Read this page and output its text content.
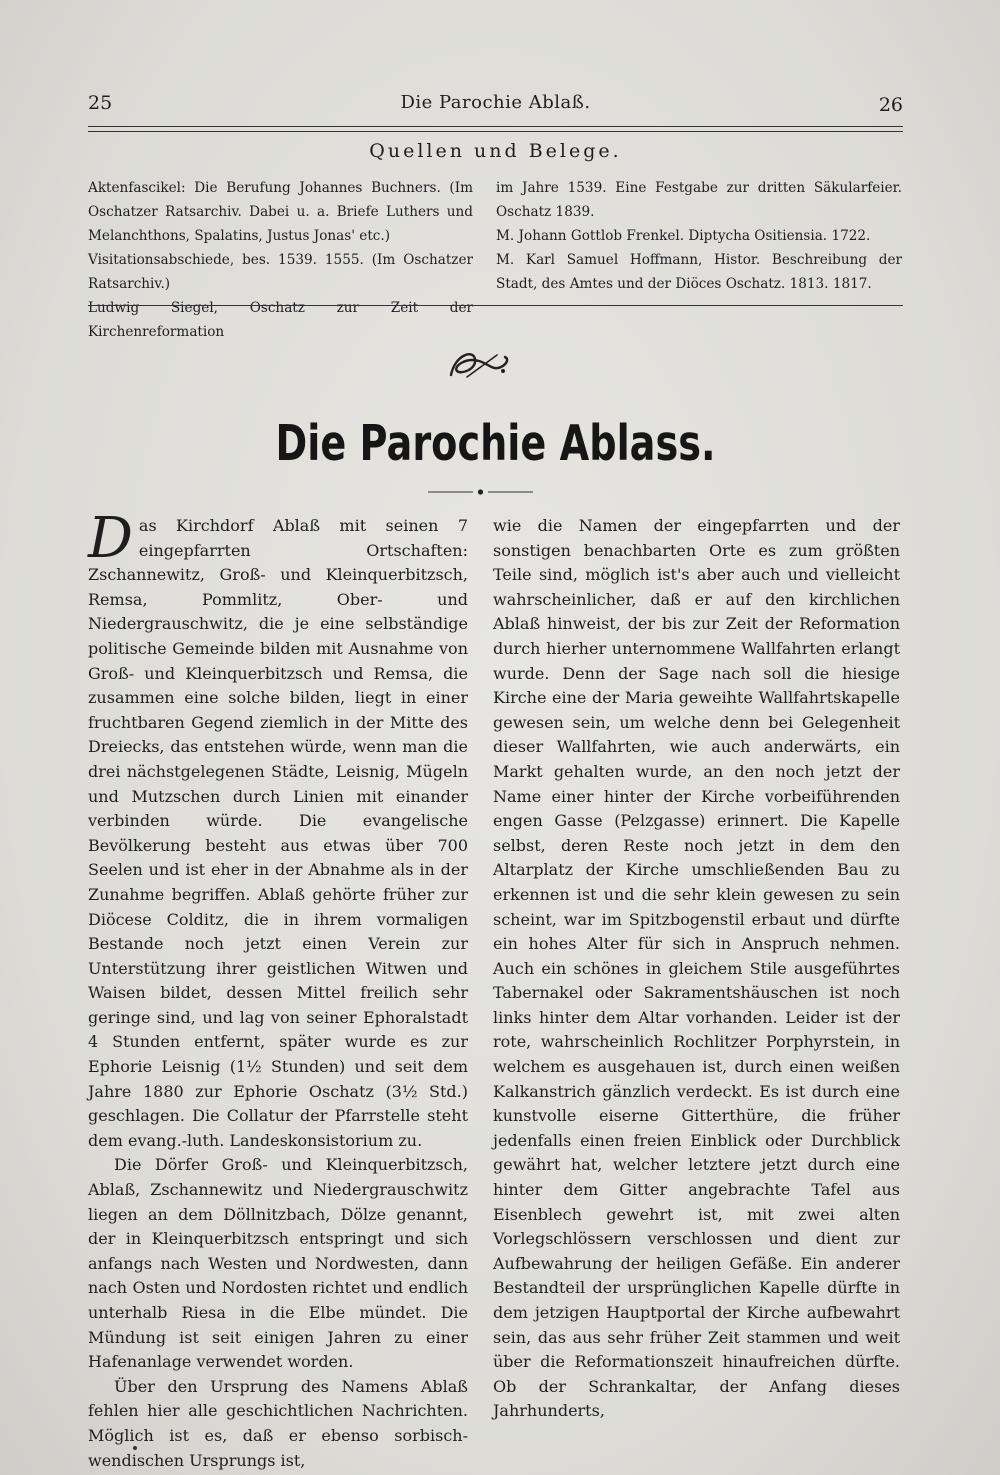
25	Die Parochie Ablaß.	26
Quellen und Belege.

Aktenfascikel: Die Berufung Johannes Buchners. (Im Oschatzer Ratsarchiv. Dabei u. a. Briefe Luthers und Melanchthons, Spalatins, Justus Jonas' etc.)

Visitationsabschiede, bes. 1539. 1555. (Im Oschatzer Ratsarchiv.)

Ludwig Siegel, Oschatz zur Zeit der Kirchenreformation

im Jahre 1539. Eine Festgabe zur dritten Säkularfeier. Oschatz 1839.

M. Johann Gottlob Frenkel. Diptycha Ositiensia. 1722.

M. Karl Samuel Hoffmann, Histor. Beschreibung der Stadt, des Amtes und der Diöces Oschatz. 1813. 1817.

Die Parochie Ablass.

Das Kirchdorf Ablaß mit seinen 7 eingepfarrten Ortschaften: Zschannewitz, Groß- und Kleinquerbitzsch, Remsa, Pommlitz, Ober- und Niedergrauschwitz, die je eine selbständige politische Gemeinde bilden mit Ausnahme von Groß- und Kleinquerbitzsch und Remsa, die zusammen eine solche bilden, liegt in einer fruchtbaren Gegend ziemlich in der Mitte des Dreiecks, das entstehen würde, wenn man die drei nächstgelegenen Städte, Leisnig, Mügeln und Mutzschen durch Linien mit einander verbinden würde. Die evangelische Bevölkerung besteht aus etwas über 700 Seelen und ist eher in der Abnahme als in der Zunahme begriffen. Ablaß gehörte früher zur Diöcese Colditz, die in ihrem vormaligen Bestande noch jetzt einen Verein zur Unterstützung ihrer geistlichen Witwen und Waisen bildet, dessen Mittel freilich sehr geringe sind, und lag von seiner Ephoralstadt 4 Stunden entfernt, später wurde es zur Ephorie Leisnig (1½ Stunden) und seit dem Jahre 1880 zur Ephorie Oschatz (3½ Std.) geschlagen. Die Collatur der Pfarrstelle steht dem evang.-luth. Landeskonsistorium zu.

Die Dörfer Groß- und Kleinquerbitzsch, Ablaß, Zschannewitz und Niedergrauschwitz liegen an dem Döllnitzbach, Dölze genannt, der in Kleinquerbitzsch entspringt und sich anfangs nach Westen und Nordwesten, dann nach Osten und Nordosten richtet und endlich unterhalb Riesa in die Elbe mündet. Die Mündung ist seit einigen Jahren zu einer Hafenanlage verwendet worden.

Über den Ursprung des Namens Ablaß fehlen hier alle geschichtlichen Nachrichten. Möglich ist es, daß er ebenso sorbisch-wendischen Ursprungs ist,

wie die Namen der eingepfarrten und der sonstigen benachbarten Orte es zum größten Teile sind, möglich ist's aber auch und vielleicht wahrscheinlicher, daß er auf den kirchlichen Ablaß hinweist, der bis zur Zeit der Reformation durch hierher unternommene Wallfahrten erlangt wurde. Denn der Sage nach soll die hiesige Kirche eine der Maria geweihte Wallfahrtskapelle gewesen sein, um welche denn bei Gelegenheit dieser Wallfahrten, wie auch anderwärts, ein Markt gehalten wurde, an den noch jetzt der Name einer hinter der Kirche vorbeiführenden engen Gasse (Pelzgasse) erinnert. Die Kapelle selbst, deren Reste noch jetzt in dem den Altarplatz der Kirche umschließenden Bau zu erkennen ist und die sehr klein gewesen zu sein scheint, war im Spitzbogenstil erbaut und dürfte ein hohes Alter für sich in Anspruch nehmen. Auch ein schönes in gleichem Stile ausgeführtes Tabernakel oder Sakramentshäuschen ist noch links hinter dem Altar vorhanden. Leider ist der rote, wahrscheinlich Rochlitzer Porphyrstein, in welchem es ausgehauen ist, durch einen weißen Kalkanstrich gänzlich verdeckt. Es ist durch eine kunstvolle eiserne Gitterthüre, die früher jedenfalls einen freien Einblick oder Durchblick gewährt hat, welcher letztere jetzt durch eine hinter dem Gitter angebrachte Tafel aus Eisenblech gewehrt ist, mit zwei alten Vorlegschlössern verschlossen und dient zur Aufbewahrung der heiligen Gefäße. Ein anderer Bestandteil der ursprünglichen Kapelle dürfte in dem jetzigen Hauptportal der Kirche aufbewahrt sein, das aus sehr früher Zeit stammen und weit über die Reformationszeit hinaufreichen dürfte. Ob der Schrankaltar, der Anfang dieses Jahrhunderts,
